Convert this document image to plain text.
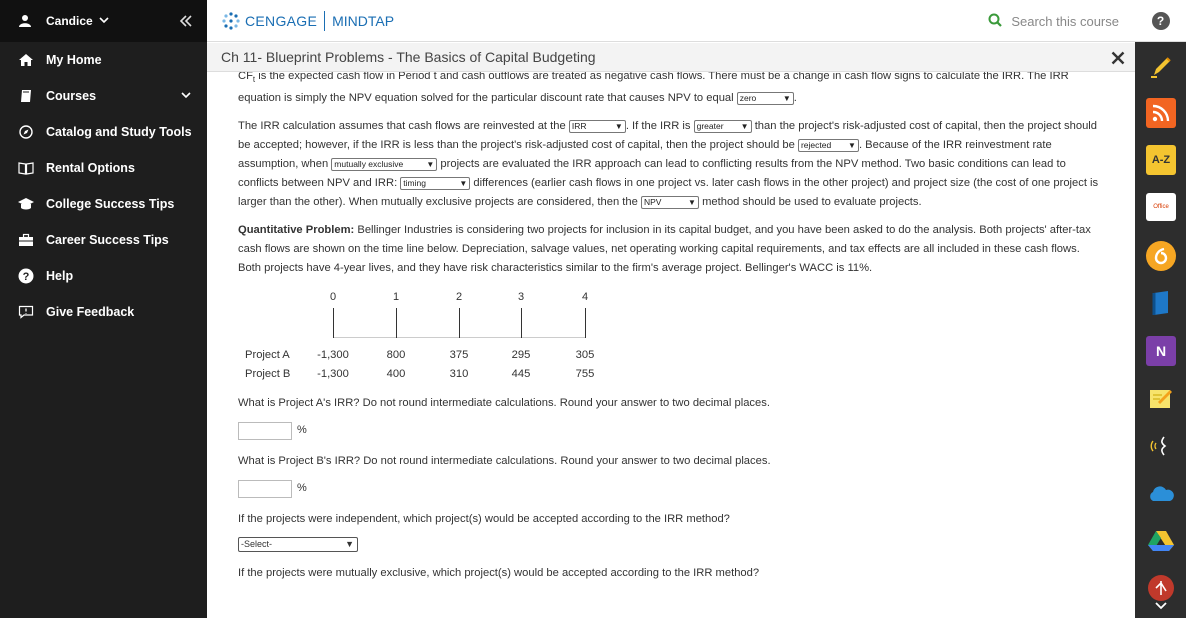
Candice
My Home
Courses
Catalog and Study Tools
Rental Options
College Success Tips
Career Success Tips
? Help
Give Feedback
CENGAGE MINDTAP	Search this course
Ch 11- Blueprint Problems - The Basics of Capital Budgeting

$CF_t$ is the expected cash flow in Period t and cash outflows are treated as negative cash flows. There must be a change in cash flow signs to calculate the IRR. The IRR equation is simply the NPV equation solved for the particular discount rate that causes NPV to equal zero	▼ .

The IRR calculation assumes that cash flows are reinvested at the IRR	▼ . If the IRR is greater ▼ than the project's risk-adjusted cost of capital, then the project should be accepted; however, if the IRR is less than the project's risk-adjusted cost of capital, then the project should be rejected ▼ . Because of the IRR reinvestment rate assumption, when mutually exclusive	▼ projects are evaluated the IRR approach can lead to conflicting results from the NPV method. Two basic conditions can lead to conflicts between NPV and IRR: timing	▼ differences (earlier cash flows in one project vs. later cash flows in the other project) and project size (the cost of one project is larger than the other). When mutually exclusive projects are considered, then the NPV	▼ method should be used to evaluate projects.

Quantitative Problem: Bellinger Industries is considering two projects for inclusion in its capital budget, and you have been asked to do the analysis. Both projects' after-tax cash flows are shown on the time line below. Depreciation, salvage values, net operating working capital requirements, and tax effects are all included in these cash flows. Both projects have 4-year lives, and they have risk characteristics similar to the firm's average project. Bellinger's WACC is 11%.

0	1	2	3	4
Project A	-1,300	800	375	295	305
Project B	-1,300	400	310	445	755
What is Project A's IRR? Do not round intermediate calculations. Round your answer to two decimal places.
%
What is Project B's IRR? Do not round intermediate calculations. Round your answer to two decimal places.
%
If the projects were independent, which project(s) would be accepted according to the IRR method?
-Select-	▼
If the projects were mutually exclusive, which project(s) would be accepted according to the IRR method?
?
A-Z
Office
N
